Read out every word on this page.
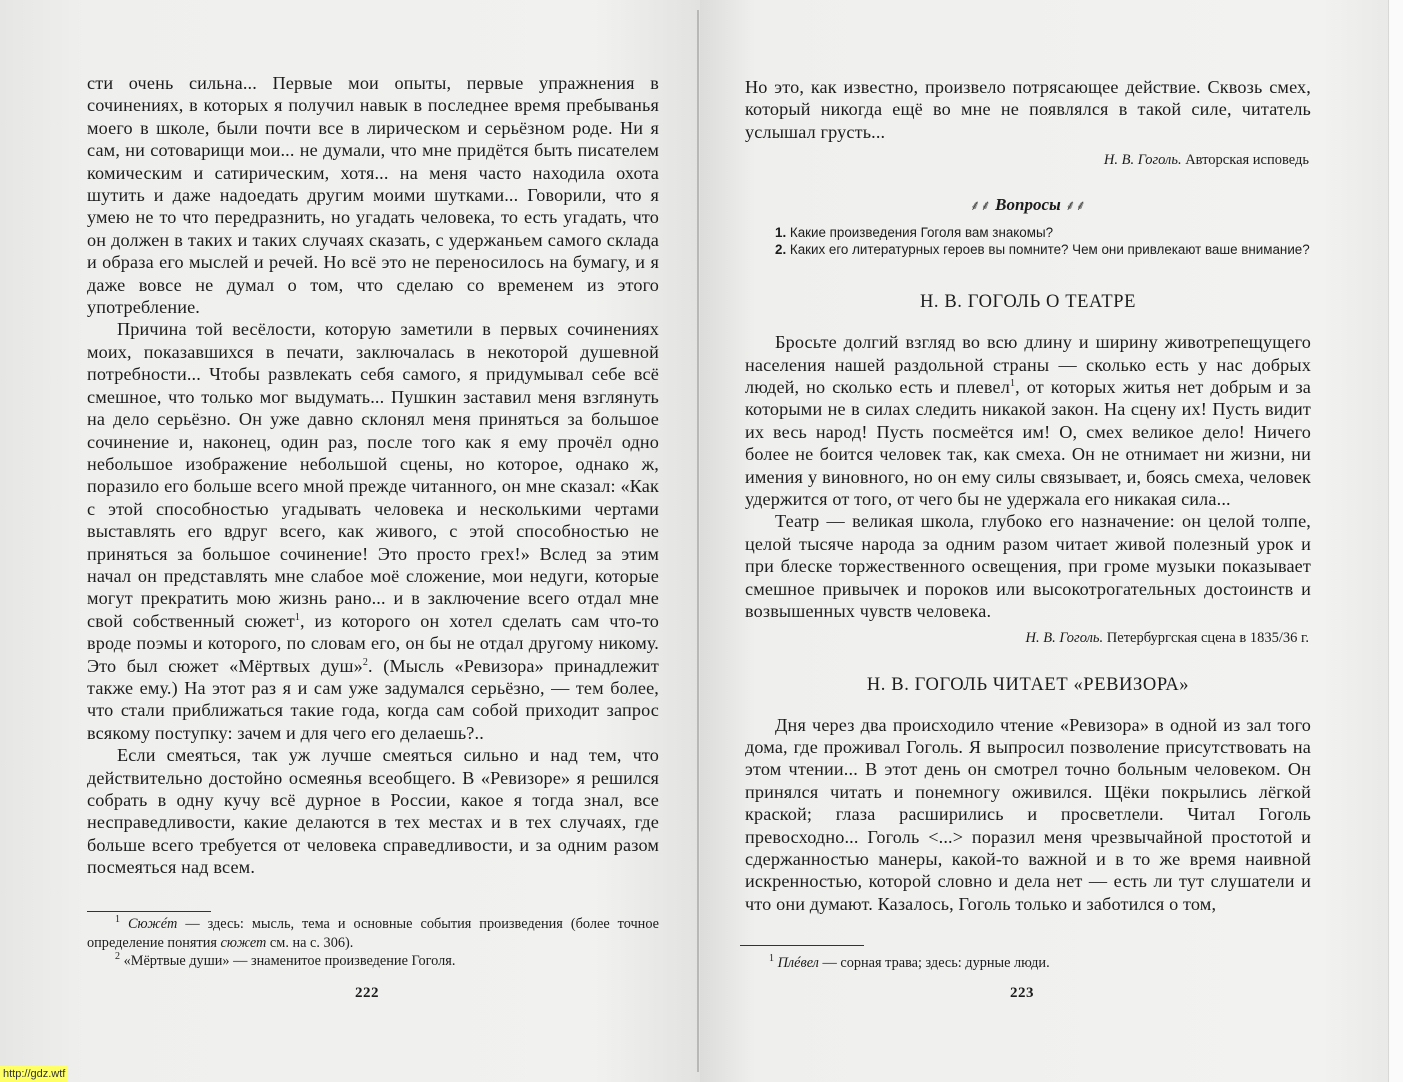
сти очень сильна... Первые мои опыты, первые упражнения в сочинениях, в которых я получил навык в последнее время пребыванья моего в школе, были почти все в лирическом и серьёзном роде. Ни я сам, ни сотоварищи мои... не думали, что мне придётся быть писателем комическим и сатирическим, хотя... на меня часто находила охота шутить и даже надоедать другим моими шутками... Говорили, что я умею не то что передразнить, но угадать человека, то есть угадать, что он должен в таких и таких случаях сказать, с удержаньем самого склада и образа его мыслей и речей. Но всё это не переносилось на бумагу, и я даже вовсе не думал о том, что сделаю со временем из этого употребление.

Причина той весёлости, которую заметили в первых сочинениях моих, показавшихся в печати, заключалась в некоторой душевной потребности... Чтобы развлекать себя самого, я придумывал себе всё смешное, что только мог выдумать... Пушкин заставил меня взглянуть на дело серьёзно. Он уже давно склонял меня приняться за большое сочинение и, наконец, один раз, после того как я ему прочёл одно небольшое изображение небольшой сцены, но которое, однако ж, поразило его больше всего мной прежде читанного, он мне сказал: «Как с этой способностью угадывать человека и несколькими чертами выставлять его вдруг всего, как живого, с этой способностью не приняться за большое сочинение! Это просто грех!» Вслед за этим начал он представлять мне слабое моё сложение, мои недуги, которые могут прекратить мою жизнь рано... и в заключение всего отдал мне свой собственный сюжет$^1$, из которого он хотел сделать сам что-то вроде поэмы и которого, по словам его, он бы не отдал другому никому. Это был сюжет «Мёртвых душ»$^2$. (Мысль «Ревизора» принадлежит также ему.) На этот раз я и сам уже задумался серьёзно, — тем более, что стали приближаться такие года, когда сам собой приходит запрос всякому поступку: зачем и для чего его делаешь?..

Если смеяться, так уж лучше смеяться сильно и над тем, что действительно достойно осмеянья всеобщего. В «Ревизоре» я решился собрать в одну кучу всё дурное в России, какое я тогда знал, все несправедливости, какие делаются в тех местах и в тех случаях, где больше всего требуется от человека справедливости, и за одним разом посмеяться над всем.

$^1$ Сюжéт — здесь: мысль, тема и основные события произведения (более точное определение понятия сюжет см. на с. 306).
$^2$ «Мёртвые души» — знаменитое произведение Гоголя.
222

Но это, как известно, произвело потрясающее действие. Сквозь смех, который никогда ещё во мне не появлялся в такой силе, читатель услышал грусть...

Н. В. Гоголь. Авторская исповедь
⸙⸙ Вопросы ⸙⸙
1. Какие произведения Гоголя вам знакомы?
2. Каких его литературных героев вы помните? Чем они привлекают ваше внимание?
Н. В. ГОГОЛЬ О ТЕАТРЕ

Бросьте долгий взгляд во всю длину и ширину животрепещущего населения нашей раздольной страны — сколько есть у нас добрых людей, но сколько есть и плевел$^1$, от которых житья нет добрым и за которыми не в силах следить никакой закон. На сцену их! Пусть видит их весь народ! Пусть посмеётся им! О, смех великое дело! Ничего более не боится человек так, как смеха. Он не отнимает ни жизни, ни имения у виновного, но он ему силы связывает, и, боясь смеха, человек удержится от того, от чего бы не удержала его никакая сила...

Театр — великая школа, глубоко его назначение: он целой толпе, целой тысяче народа за одним разом читает живой полезный урок и при блеске торжественного освещения, при громе музыки показывает смешное привычек и пороков или высокотрогательных достоинств и возвышенных чувств человека.

Н. В. Гоголь. Петербургская сцена в 1835/36 г.
Н. В. ГОГОЛЬ ЧИТАЕТ «РЕВИЗОРА»

Дня через два происходило чтение «Ревизора» в одной из зал того дома, где проживал Гоголь. Я выпросил позволение присутствовать на этом чтении... В этот день он смотрел точно больным человеком. Он принялся читать и понемногу оживился. Щёки покрылись лёгкой краской; глаза расширились и просветлели. Читал Гоголь превосходно... Гоголь <...> поразил меня чрезвычайной простотой и сдержанностью манеры, какой-то важной и в то же время наивной искренностью, которой словно и дела нет — есть ли тут слушатели и что они думают. Казалось, Гоголь только и заботился о том,

$^1$ Плéвел — сорная трава; здесь: дурные люди.
223
http://gdz.wtf
